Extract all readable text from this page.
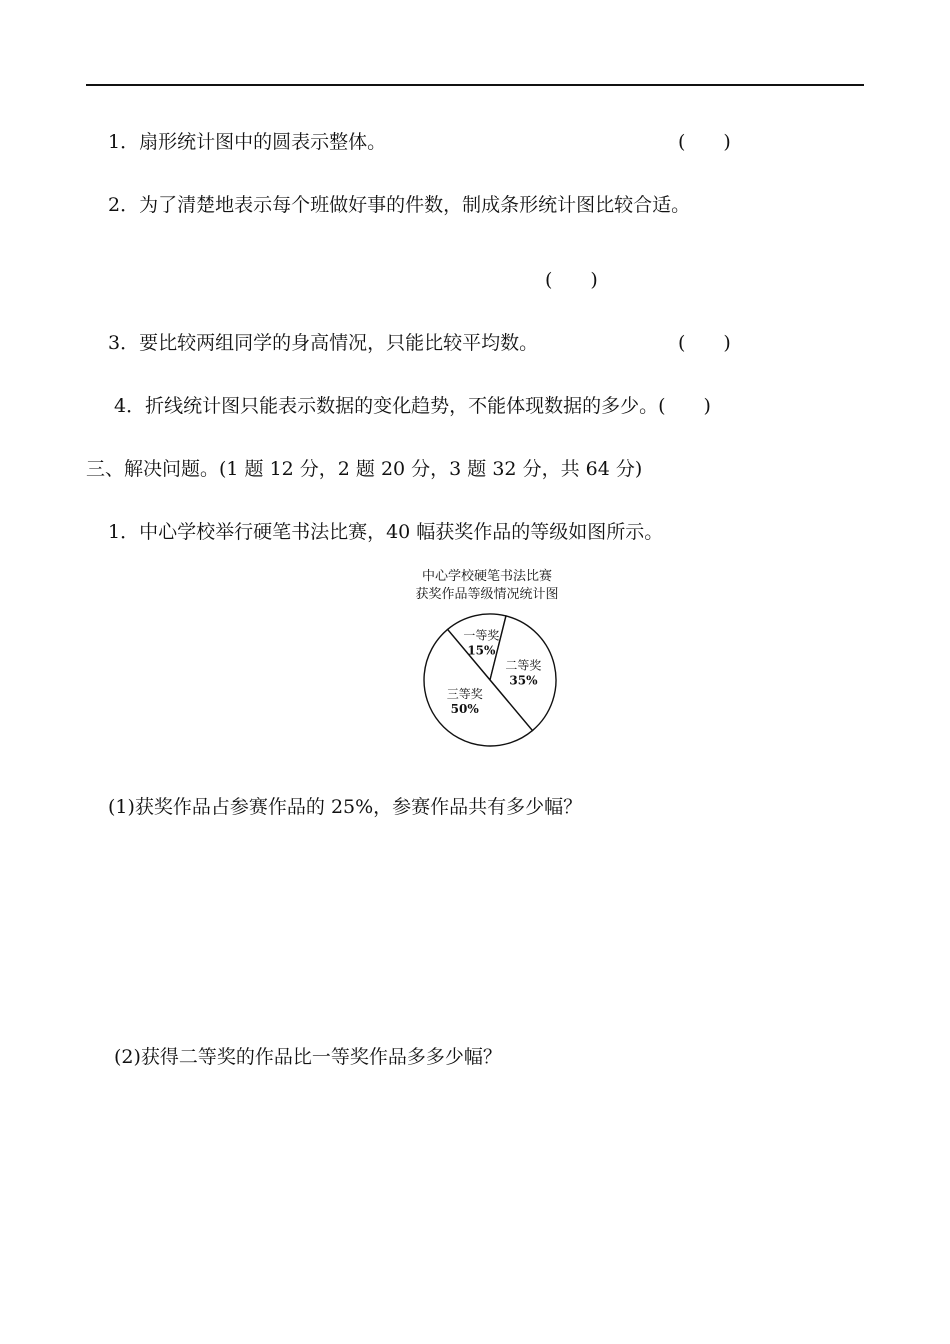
1．扇形统计图中的圆表示整体。	(　　)
2．为了清楚地表示每个班做好事的件数，制成条形统计图比较合适。
(　　)
3．要比较两组同学的身高情况，只能比较平均数。	(　　)
4．折线统计图只能表示数据的变化趋势，不能体现数据的多少。(　　)
三、解决问题。(1 题 12 分，2 题 20 分，3 题 32 分，共 64 分)
1．中心学校举行硬笔书法比赛，40 幅获奖作品的等级如图所示。
中心学校硬笔书法比赛
获奖作品等级情况统计图
一等奖
15%
二等奖
35%
三等奖
50%
(1)获奖作品占参赛作品的 25%，参赛作品共有多少幅？
(2)获得二等奖的作品比一等奖作品多多少幅？
